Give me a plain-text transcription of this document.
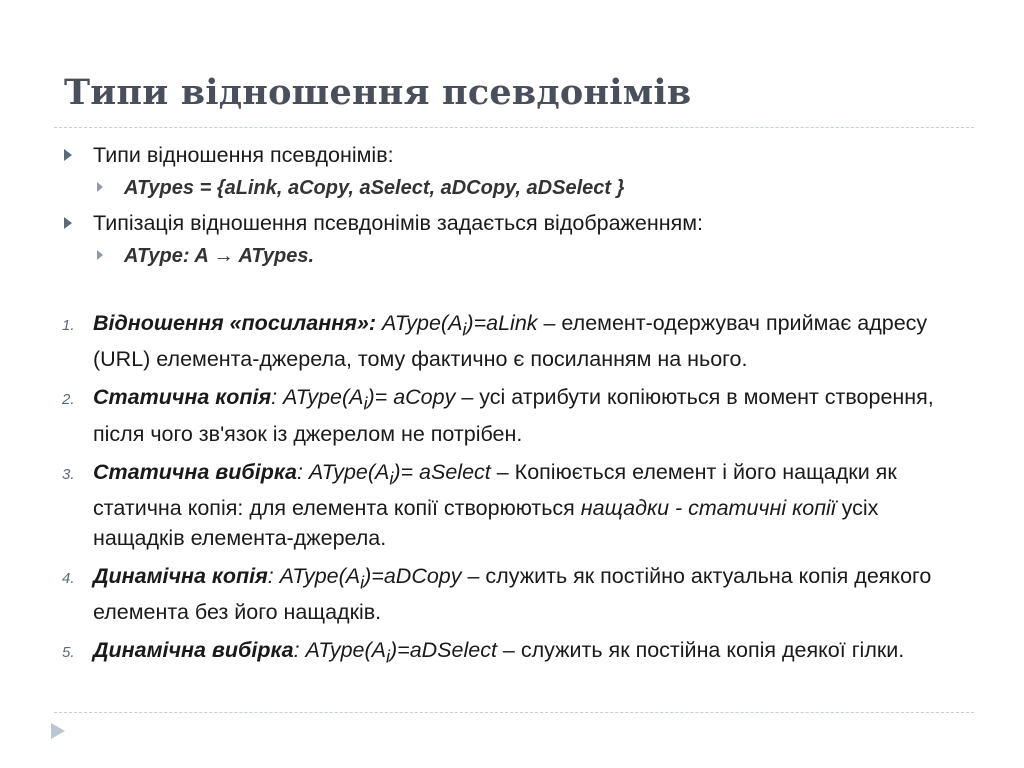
Типи відношення псевдонімів
Типи відношення псевдонімів:
ATypes = {aLink, aCopy, aSelect, aDCopy, aDSelect }
Типізація відношення псевдонімів задається відображенням:
AType: A → ATypes.
1. Відношення «посилання»: $AType(A_i)=aLink$ – елемент-одержувач приймає адресу (URL) елемента-джерела, тому фактично є посиланням на нього.
2. Статична копія: $AType(A_i)=$ aCopy – усі атрибути копіюються в момент створення, після чого зв'язок із джерелом не потрібен.
3. Статична вибірка: $AType(A_i)=$ aSelect – Копіюється елемент і його нащадки як статична копія: для елемента копії створюються нащадки - статичні копії усіх нащадків елемента-джерела.
4. Динамічна копія: $AType(A_i)=aDCopy$ – служить як постійно актуальна копія деякого елемента без його нащадків.
5. Динамічна вибірка: $AType(A_i)=aDSelect$ – служить як постійна копія деякої гілки.
